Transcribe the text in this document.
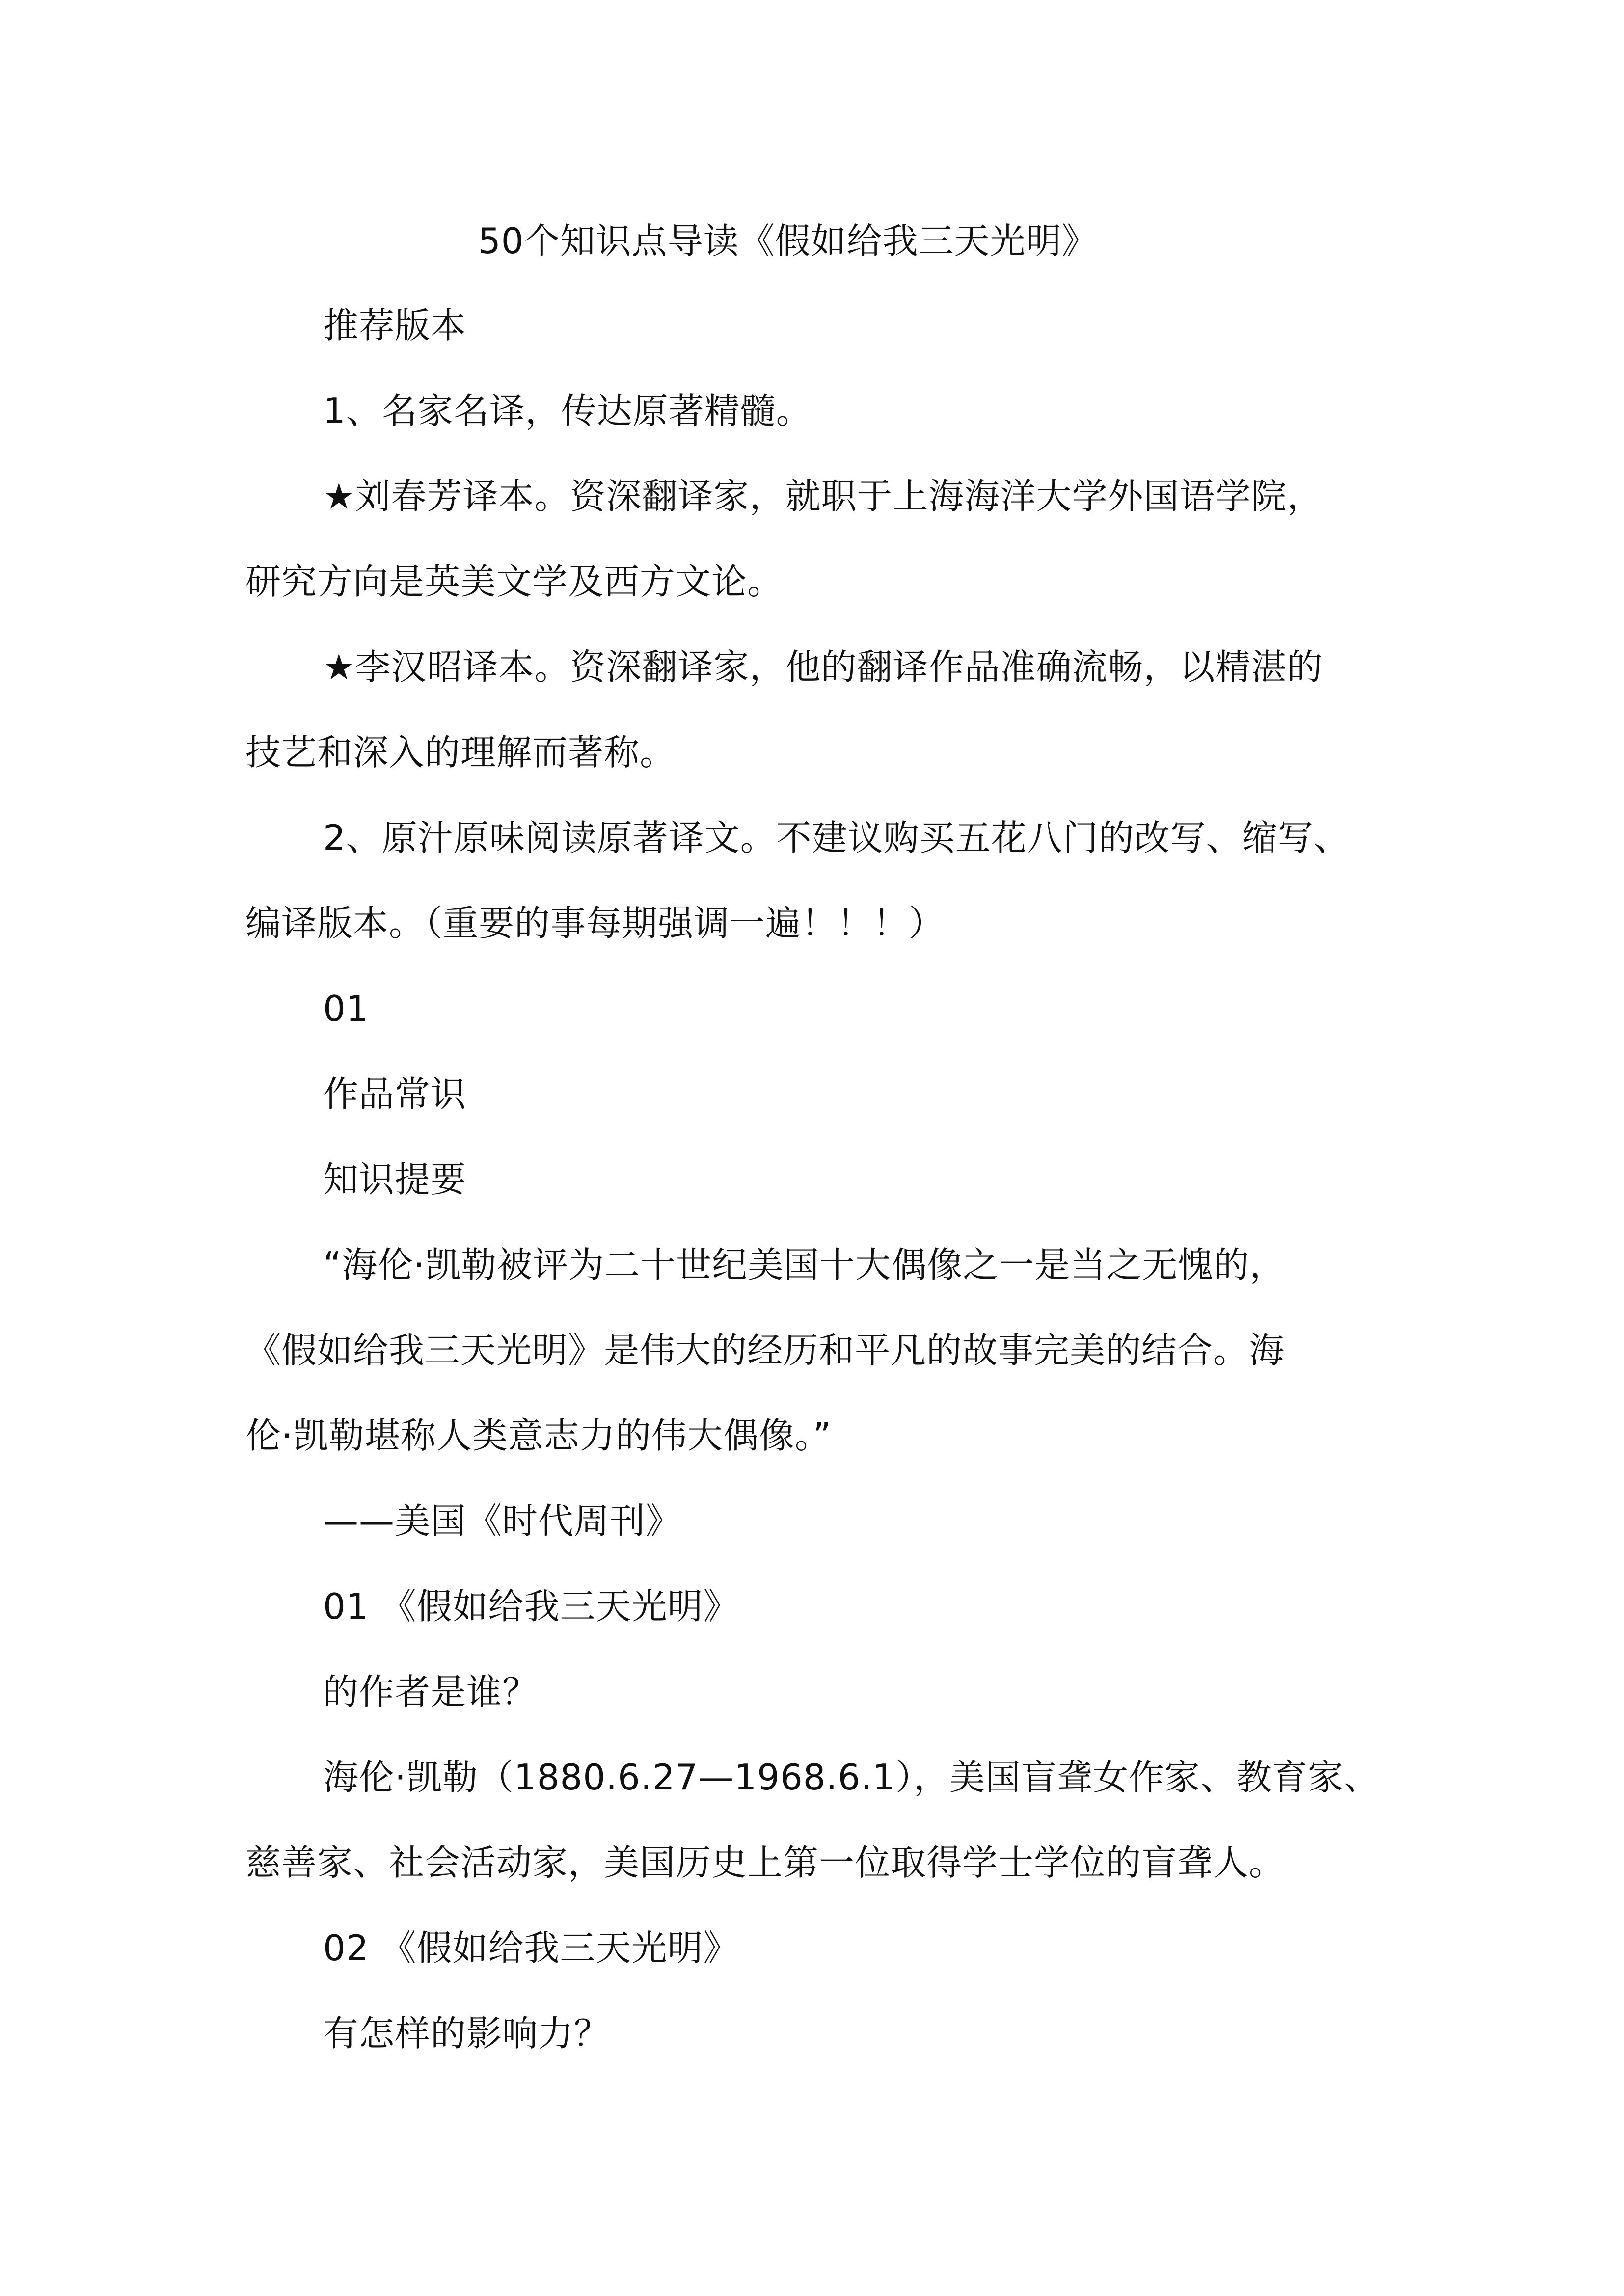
50个知识点导读《假如给我三天光明》
推荐版本
1、名家名译，传达原著精髓。
★刘春芳译本。资深翻译家，就职于上海海洋大学外国语学院，
研究方向是英美文学及西方文论。
★李汉昭译本。资深翻译家，他的翻译作品准确流畅，以精湛的
技艺和深入的理解而著称。
2、原汁原味阅读原著译文。不建议购买五花八门的改写、缩写、
编译版本。（重要的事每期强调一遍！！！）
01
作品常识
知识提要
“海伦·凯勒被评为二十世纪美国十大偶像之一是当之无愧的，
《假如给我三天光明》是伟大的经历和平凡的故事完美的结合。海
伦·凯勒堪称人类意志力的伟大偶像。”
——美国《时代周刊》
01 《假如给我三天光明》
的作者是谁？
海伦·凯勒（1880.6.27—1968.6.1），美国盲聋女作家、教育家、
慈善家、社会活动家，美国历史上第一位取得学士学位的盲聋人。
02 《假如给我三天光明》
有怎样的影响力？
